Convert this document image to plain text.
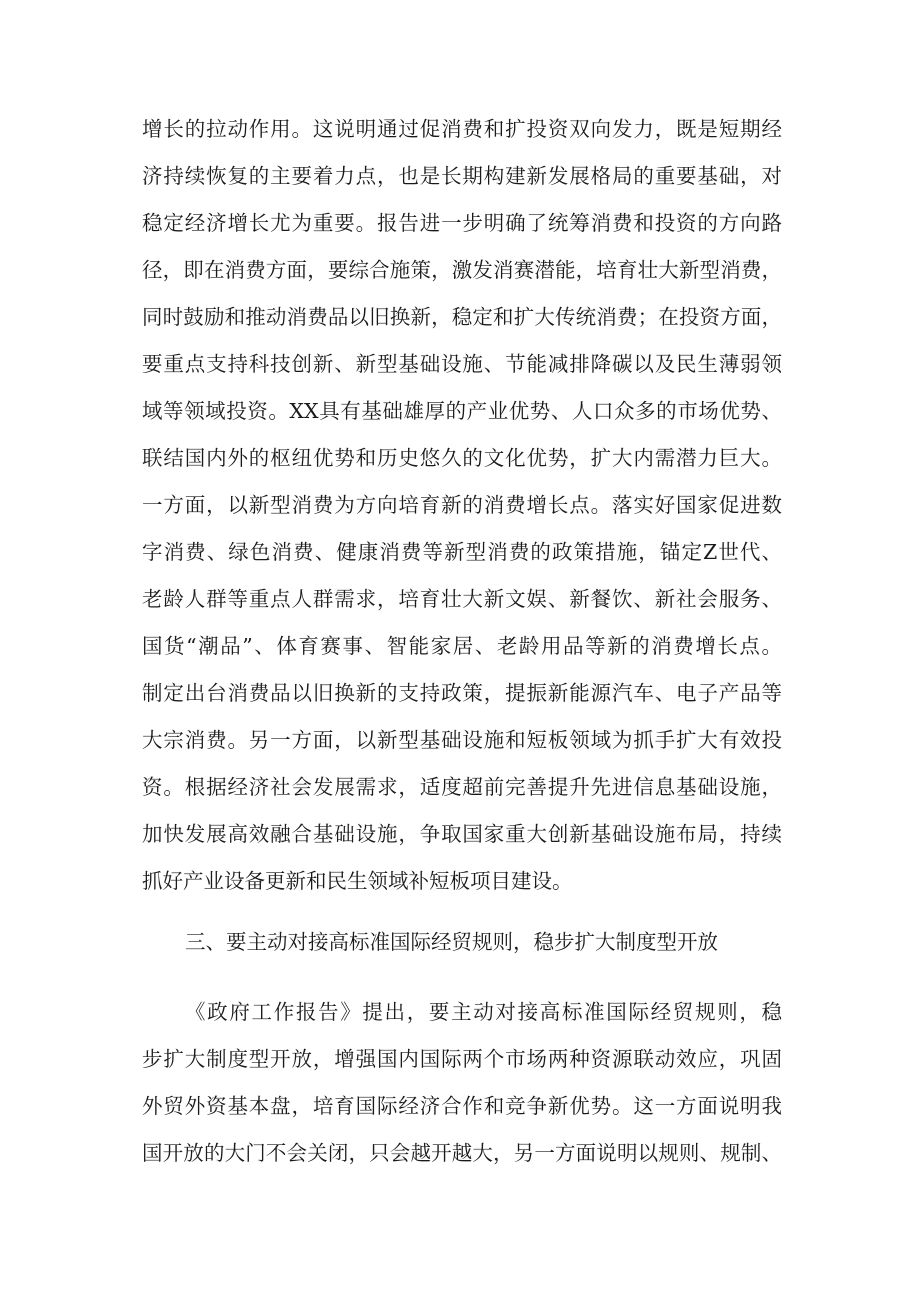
增长的拉动作用。这说明通过促消费和扩投资双向发力，既是短期经

济持续恢复的主要着力点，也是长期构建新发展格局的重要基础，对

稳定经济增长尤为重要。报告进一步明确了统筹消费和投资的方向路

径，即在消费方面，要综合施策，激发消赛潜能，培育壮大新型消费，

同时鼓励和推动消费品以旧换新，稳定和扩大传统消费；在投资方面，

要重点支持科技创新、新型基础设施、节能减排降碳以及民生薄弱领

域等领域投资。XX具有基础雄厚的产业优势、人口众多的市场优势、

联结国内外的枢纽优势和历史悠久的文化优势，扩大内需潜力巨大。

一方面，以新型消费为方向培育新的消费增长点。落实好国家促进数

字消费、绿色消费、健康消费等新型消费的政策措施，锚定Z世代、

老龄人群等重点人群需求，培育壮大新文娱、新餐饮、新社会服务、

国货“潮品”、体育赛事、智能家居、老龄用品等新的消费增长点。

制定出台消费品以旧换新的支持政策，提振新能源汽车、电子产品等

大宗消费。另一方面，以新型基础设施和短板领域为抓手扩大有效投

资。根据经济社会发展需求，适度超前完善提升先进信息基础设施，

加快发展高效融合基础设施，争取国家重大创新基础设施布局，持续

抓好产业设备更新和民生领域补短板项目建设。

三、要主动对接高标准国际经贸规则，稳步扩大制度型开放

《政府工作报告》提出，要主动对接高标准国际经贸规则，稳

步扩大制度型开放，增强国内国际两个市场两种资源联动效应，巩固

外贸外资基本盘，培育国际经济合作和竞争新优势。这一方面说明我

国开放的大门不会关闭，只会越开越大，另一方面说明以规则、规制、
